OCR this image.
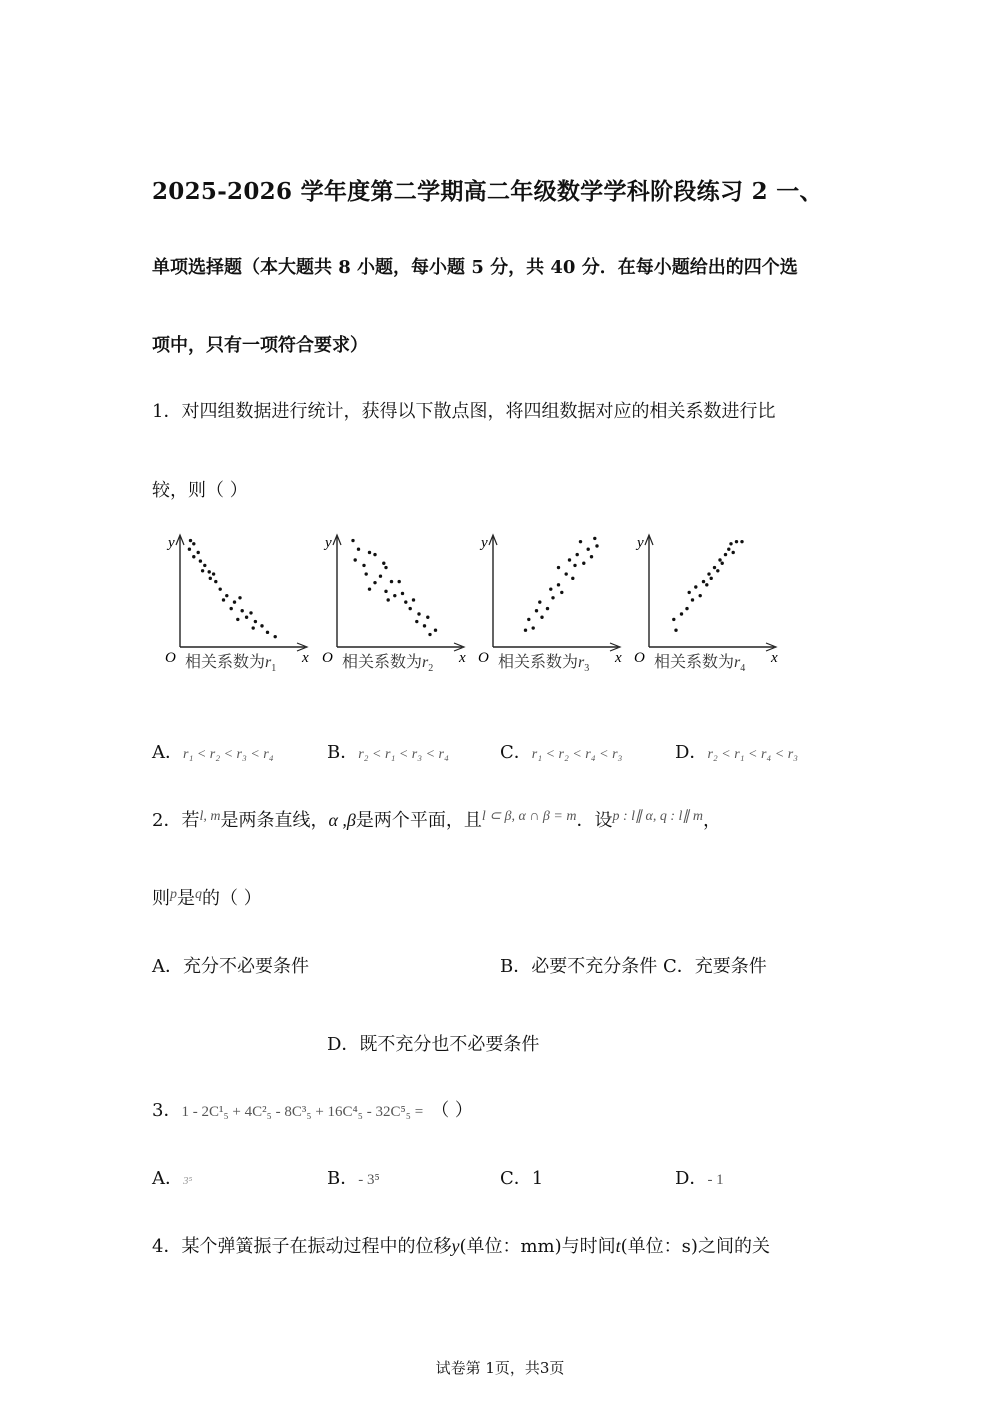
2025-2026 学年度第二学期高二年级数学学科阶段练习 2 一、
单项选择题（本大题共 8 小题，每小题 5 分，共 40 分．在每小题给出的四个选
项中，只有一项符合要求）
1．对四组数据进行统计，获得以下散点图，将四组数据对应的相关系数进行比
较，则（ ）
y
x
O 相关系数为$r_1$
y
x
O 相关系数为$r_2$
y
x
O 相关系数为$r_3$
y
x
O 相关系数为$r_4$
A．r₁ < r₂ < r₃ < r₄	B．r₂ < r₁ < r₃ < r₄	C．r₁ < r₂ < r₄ < r₃	D．r₂ < r₁ < r₄ < r₃
2．若$^{l, m}$是两条直线，α ,β是两个平面，且$^{l \subset \beta, \alpha \cap \beta = m}$．设$^{p : l\parallel \alpha, q : l\parallel m}$，
则$^p$是$^q$的（ ）
A．充分不必要条件	B．必要不充分条件 C．充要条件
D．既不充分也不必要条件
3．1 - 2C¹₅ + 4C²₅ - 8C³₅ + 16C⁴₅ - 32C⁵₅ = （ ）
A．3⁵	B．- 3⁵	C．1	D．- 1
4．某个弹簧振子在振动过程中的位移y(单位：mm)与时间t(单位：s)之间的关
试卷第 1页，共3页
